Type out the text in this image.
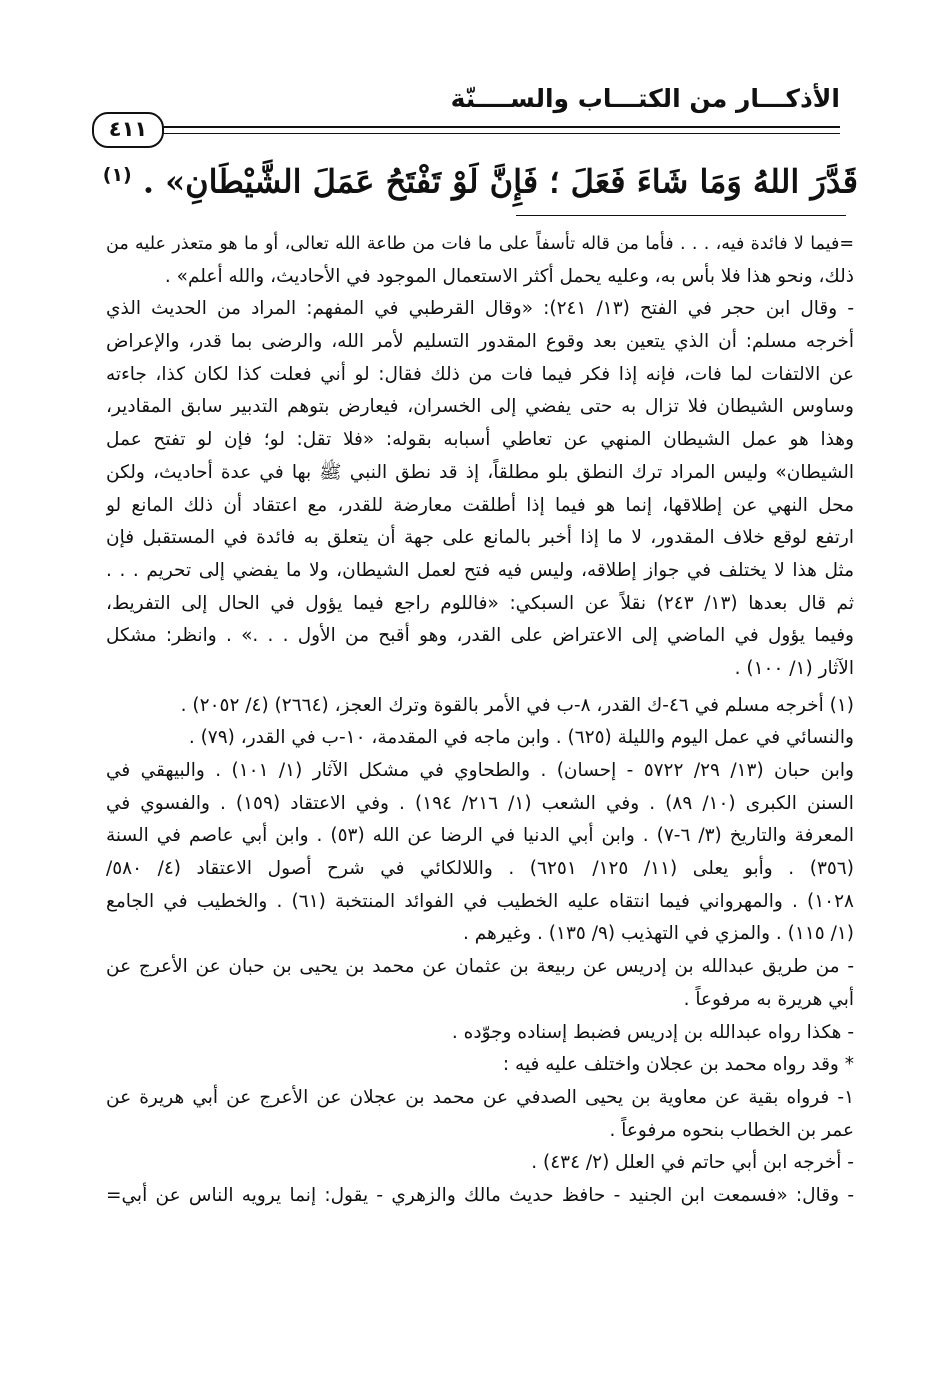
الأذكـــار من الكتـــاب والســــنّة
٤١١
قَدَّرَ اللهُ وَمَا شَاءَ فَعَلَ ؛ فَإِنَّ لَوْ تَفْتَحُ عَمَلَ الشَّيْطَانِ» . $^{(١)}$
=فيما لا فائدة فيه، . . . فأما من قاله تأسفاً على ما فات من طاعة الله تعالى، أو ما هو متعذر عليه من
ذلك، ونحو هذا فلا بأس به، وعليه يحمل أكثر الاستعمال الموجود في الأحاديث، والله أعلم» .
- وقال ابن حجر في الفتح (١٣/ ٢٤١): «وقال القرطبي في المفهم: المراد من الحديث الذي
أخرجه مسلم: أن الذي يتعين بعد وقوع المقدور التسليم لأمر الله، والرضى بما قدر، والإعراض
عن الالتفات لما فات، فإنه إذا فكر فيما فات من ذلك فقال: لو أني فعلت كذا لكان كذا، جاءته
وساوس الشيطان فلا تزال به حتى يفضي إلى الخسران، فيعارض بتوهم التدبير سابق المقادير،
وهذا هو عمل الشيطان المنهي عن تعاطي أسبابه بقوله: «فلا تقل: لو؛ فإن لو تفتح عمل
الشيطان» وليس المراد ترك النطق بلو مطلقاً، إذ قد نطق النبي ﷺ بها في عدة أحاديث، ولكن
محل النهي عن إطلاقها، إنما هو فيما إذا أطلقت معارضة للقدر، مع اعتقاد أن ذلك المانع لو
ارتفع لوقع خلاف المقدور، لا ما إذا أخبر بالمانع على جهة أن يتعلق به فائدة في المستقبل فإن
مثل هذا لا يختلف في جواز إطلاقه، وليس فيه فتح لعمل الشيطان، ولا ما يفضي إلى تحريم . . .
ثم قال بعدها (١٣/ ٢٤٣) نقلاً عن السبكي: «فاللوم راجع فيما يؤول في الحال إلى التفريط،
وفيما يؤول في الماضي إلى الاعتراض على القدر، وهو أقبح من الأول . . .» . وانظر: مشكل
الآثار (١/ ١٠٠) .
(١) أخرجه مسلم في ٤٦-ك القدر، ٨-ب في الأمر بالقوة وترك العجز، (٢٦٦٤) (٤/ ٢٠٥٢) .
والنسائي في عمل اليوم والليلة (٦٢٥) . وابن ماجه في المقدمة، ١٠-ب في القدر، (٧٩) .
وابن حبان (١٣/ ٢٩/ ٥٧٢٢ - إحسان) . والطحاوي في مشكل الآثار (١/ ١٠١) . والبيهقي في
السنن الكبرى (١٠/ ٨٩) . وفي الشعب (١/ ٢١٦/ ١٩٤) . وفي الاعتقاد (١٥٩) . والفسوي في
المعرفة والتاريخ (٣/ ٦-٧) . وابن أبي الدنيا في الرضا عن الله (٥٣) . وابن أبي عاصم في السنة
(٣٥٦) . وأبو يعلى (١١/ ١٢٥/ ٦٢٥١) . واللالكائي في شرح أصول الاعتقاد (٤/ ٥٨٠/
١٠٢٨) . والمهرواني فيما انتقاه عليه الخطيب في الفوائد المنتخبة (٦١) . والخطيب في الجامع
(١/ ١١٥) . والمزي في التهذيب (٩/ ١٣٥) . وغيرهم .
- من طريق عبدالله بن إدريس عن ربيعة بن عثمان عن محمد بن يحيى بن حبان عن الأعرج عن
أبي هريرة به مرفوعاً .
- هكذا رواه عبدالله بن إدريس فضبط إسناده وجوّده .
* وقد رواه محمد بن عجلان واختلف عليه فيه :
١- فرواه بقية عن معاوية بن يحيى الصدفي عن محمد بن عجلان عن الأعرج عن أبي هريرة عن
عمر بن الخطاب بنحوه مرفوعاً .
- أخرجه ابن أبي حاتم في العلل (٢/ ٤٣٤) .
- وقال: «فسمعت ابن الجنيد - حافظ حديث مالك والزهري - يقول: إنما يرويه الناس عن أبي=
